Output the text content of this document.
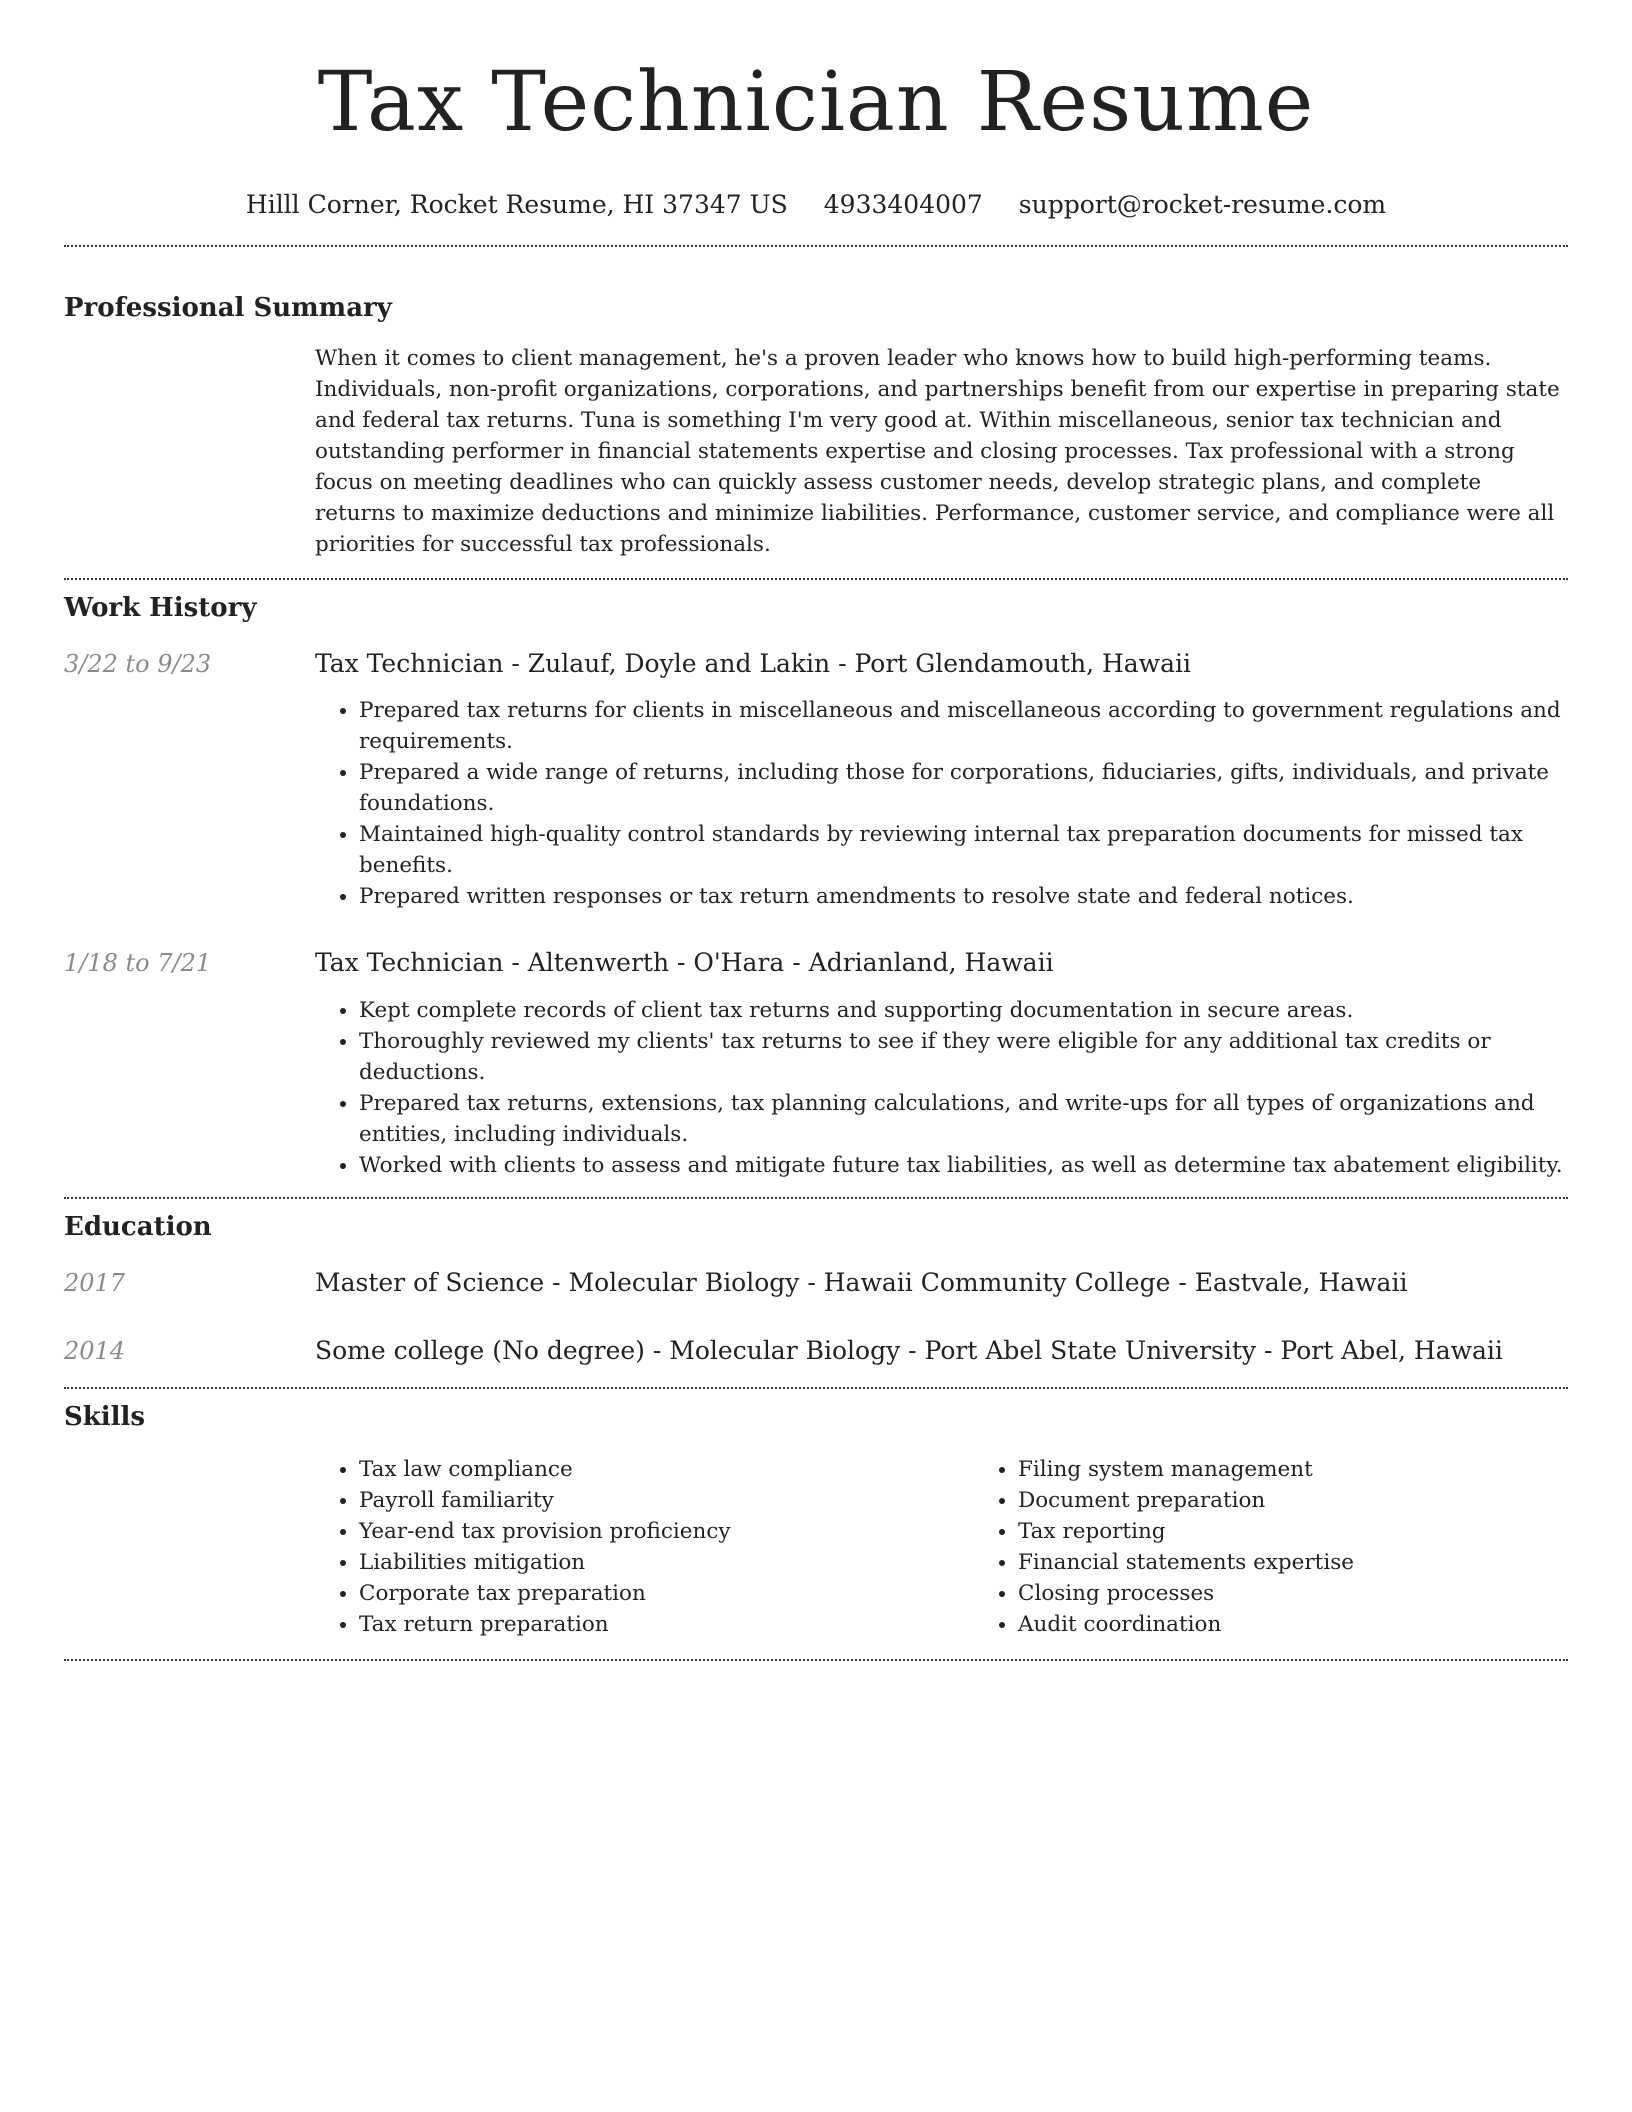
Tax Technician Resume
Hilll Corner, Rocket Resume, HI 37347 US 4933404007 support@rocket-resume.com
Professional Summary
When it comes to client management, he's a proven leader who knows how to build high-performing teams. Individuals, non-profit organizations, corporations, and partnerships benefit from our expertise in preparing state and federal tax returns. Tuna is something I'm very good at. Within miscellaneous, senior tax technician and outstanding performer in financial statements expertise and closing processes. Tax professional with a strong focus on meeting deadlines who can quickly assess customer needs, develop strategic plans, and complete returns to maximize deductions and minimize liabilities. Performance, customer service, and compliance were all priorities for successful tax professionals.
Work History
3/22 to 9/23	Tax Technician - Zulauf, Doyle and Lakin - Port Glendamouth, Hawaii
• Prepared tax returns for clients in miscellaneous and miscellaneous according to government regulations and requirements.
• Prepared a wide range of returns, including those for corporations, fiduciaries, gifts, individuals, and private foundations.
• Maintained high-quality control standards by reviewing internal tax preparation documents for missed tax benefits.
• Prepared written responses or tax return amendments to resolve state and federal notices.
1/18 to 7/21	Tax Technician - Altenwerth - O'Hara - Adrianland, Hawaii
• Kept complete records of client tax returns and supporting documentation in secure areas.
• Thoroughly reviewed my clients' tax returns to see if they were eligible for any additional tax credits or deductions.
• Prepared tax returns, extensions, tax planning calculations, and write-ups for all types of organizations and entities, including individuals.
• Worked with clients to assess and mitigate future tax liabilities, as well as determine tax abatement eligibility.
Education
2017	Master of Science - Molecular Biology - Hawaii Community College - Eastvale, Hawaii
2014	Some college (No degree) - Molecular Biology - Port Abel State University - Port Abel, Hawaii
Skills
• Tax law compliance
• Payroll familiarity
• Year-end tax provision proficiency
• Liabilities mitigation
• Corporate tax preparation
• Tax return preparation
• Filing system management
• Document preparation
• Tax reporting
• Financial statements expertise
• Closing processes
• Audit coordination
